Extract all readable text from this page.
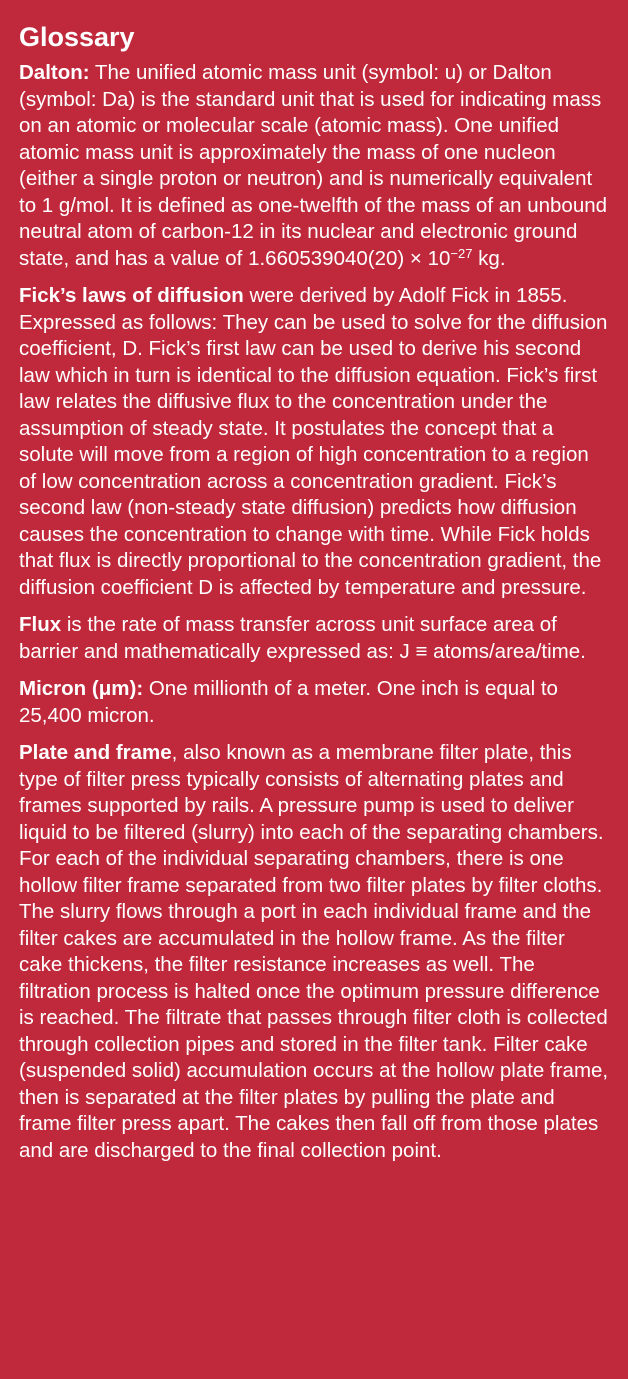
Glossary

Dalton: The unified atomic mass unit (symbol: u) or Dalton (symbol: Da) is the standard unit that is used for indicating mass on an atomic or molecular scale (atomic mass). One unified atomic mass unit is approximately the mass of one nucleon (either a single proton or neutron) and is numerically equivalent to 1 g/mol. It is defined as one-twelfth of the mass of an unbound neutral atom of carbon-12 in its nuclear and electronic ground state, and has a value of $1.660539040(20) \times 10^{-27}$ kg.

Fick’s laws of diffusion were derived by Adolf Fick in 1855. Expressed as follows: They can be used to solve for the diffusion coefficient, D. Fick’s first law can be used to derive his second law which in turn is identical to the diffusion equation. Fick’s first law relates the diffusive flux to the concentration under the assumption of steady state. It postulates the concept that a solute will move from a region of high concentration to a region of low concentration across a concentration gradient. Fick’s second law (non-steady state diffusion) predicts how diffusion causes the concentration to change with time. While Fick holds that flux is directly proportional to the concentration gradient, the diffusion coefficient D is affected by temperature and pressure.

Flux is the rate of mass transfer across unit surface area of barrier and mathematically expressed as: J ≡ atoms/area/time.

Micron (μm): One millionth of a meter. One inch is equal to 25,400 micron.

Plate and frame, also known as a membrane filter plate, this type of filter press typically consists of alternating plates and frames supported by rails. A pressure pump is used to deliver liquid to be filtered (slurry) into each of the separating chambers. For each of the individual separating chambers, there is one hollow filter frame separated from two filter plates by filter cloths. The slurry flows through a port in each individual frame and the filter cakes are accumulated in the hollow frame. As the filter cake thickens, the filter resistance increases as well. The filtration process is halted once the optimum pressure difference is reached. The filtrate that passes through filter cloth is collected through collection pipes and stored in the filter tank. Filter cake (suspended solid) accumulation occurs at the hollow plate frame, then is separated at the filter plates by pulling the plate and frame filter press apart. The cakes then fall off from those plates and are discharged to the final collection point.
